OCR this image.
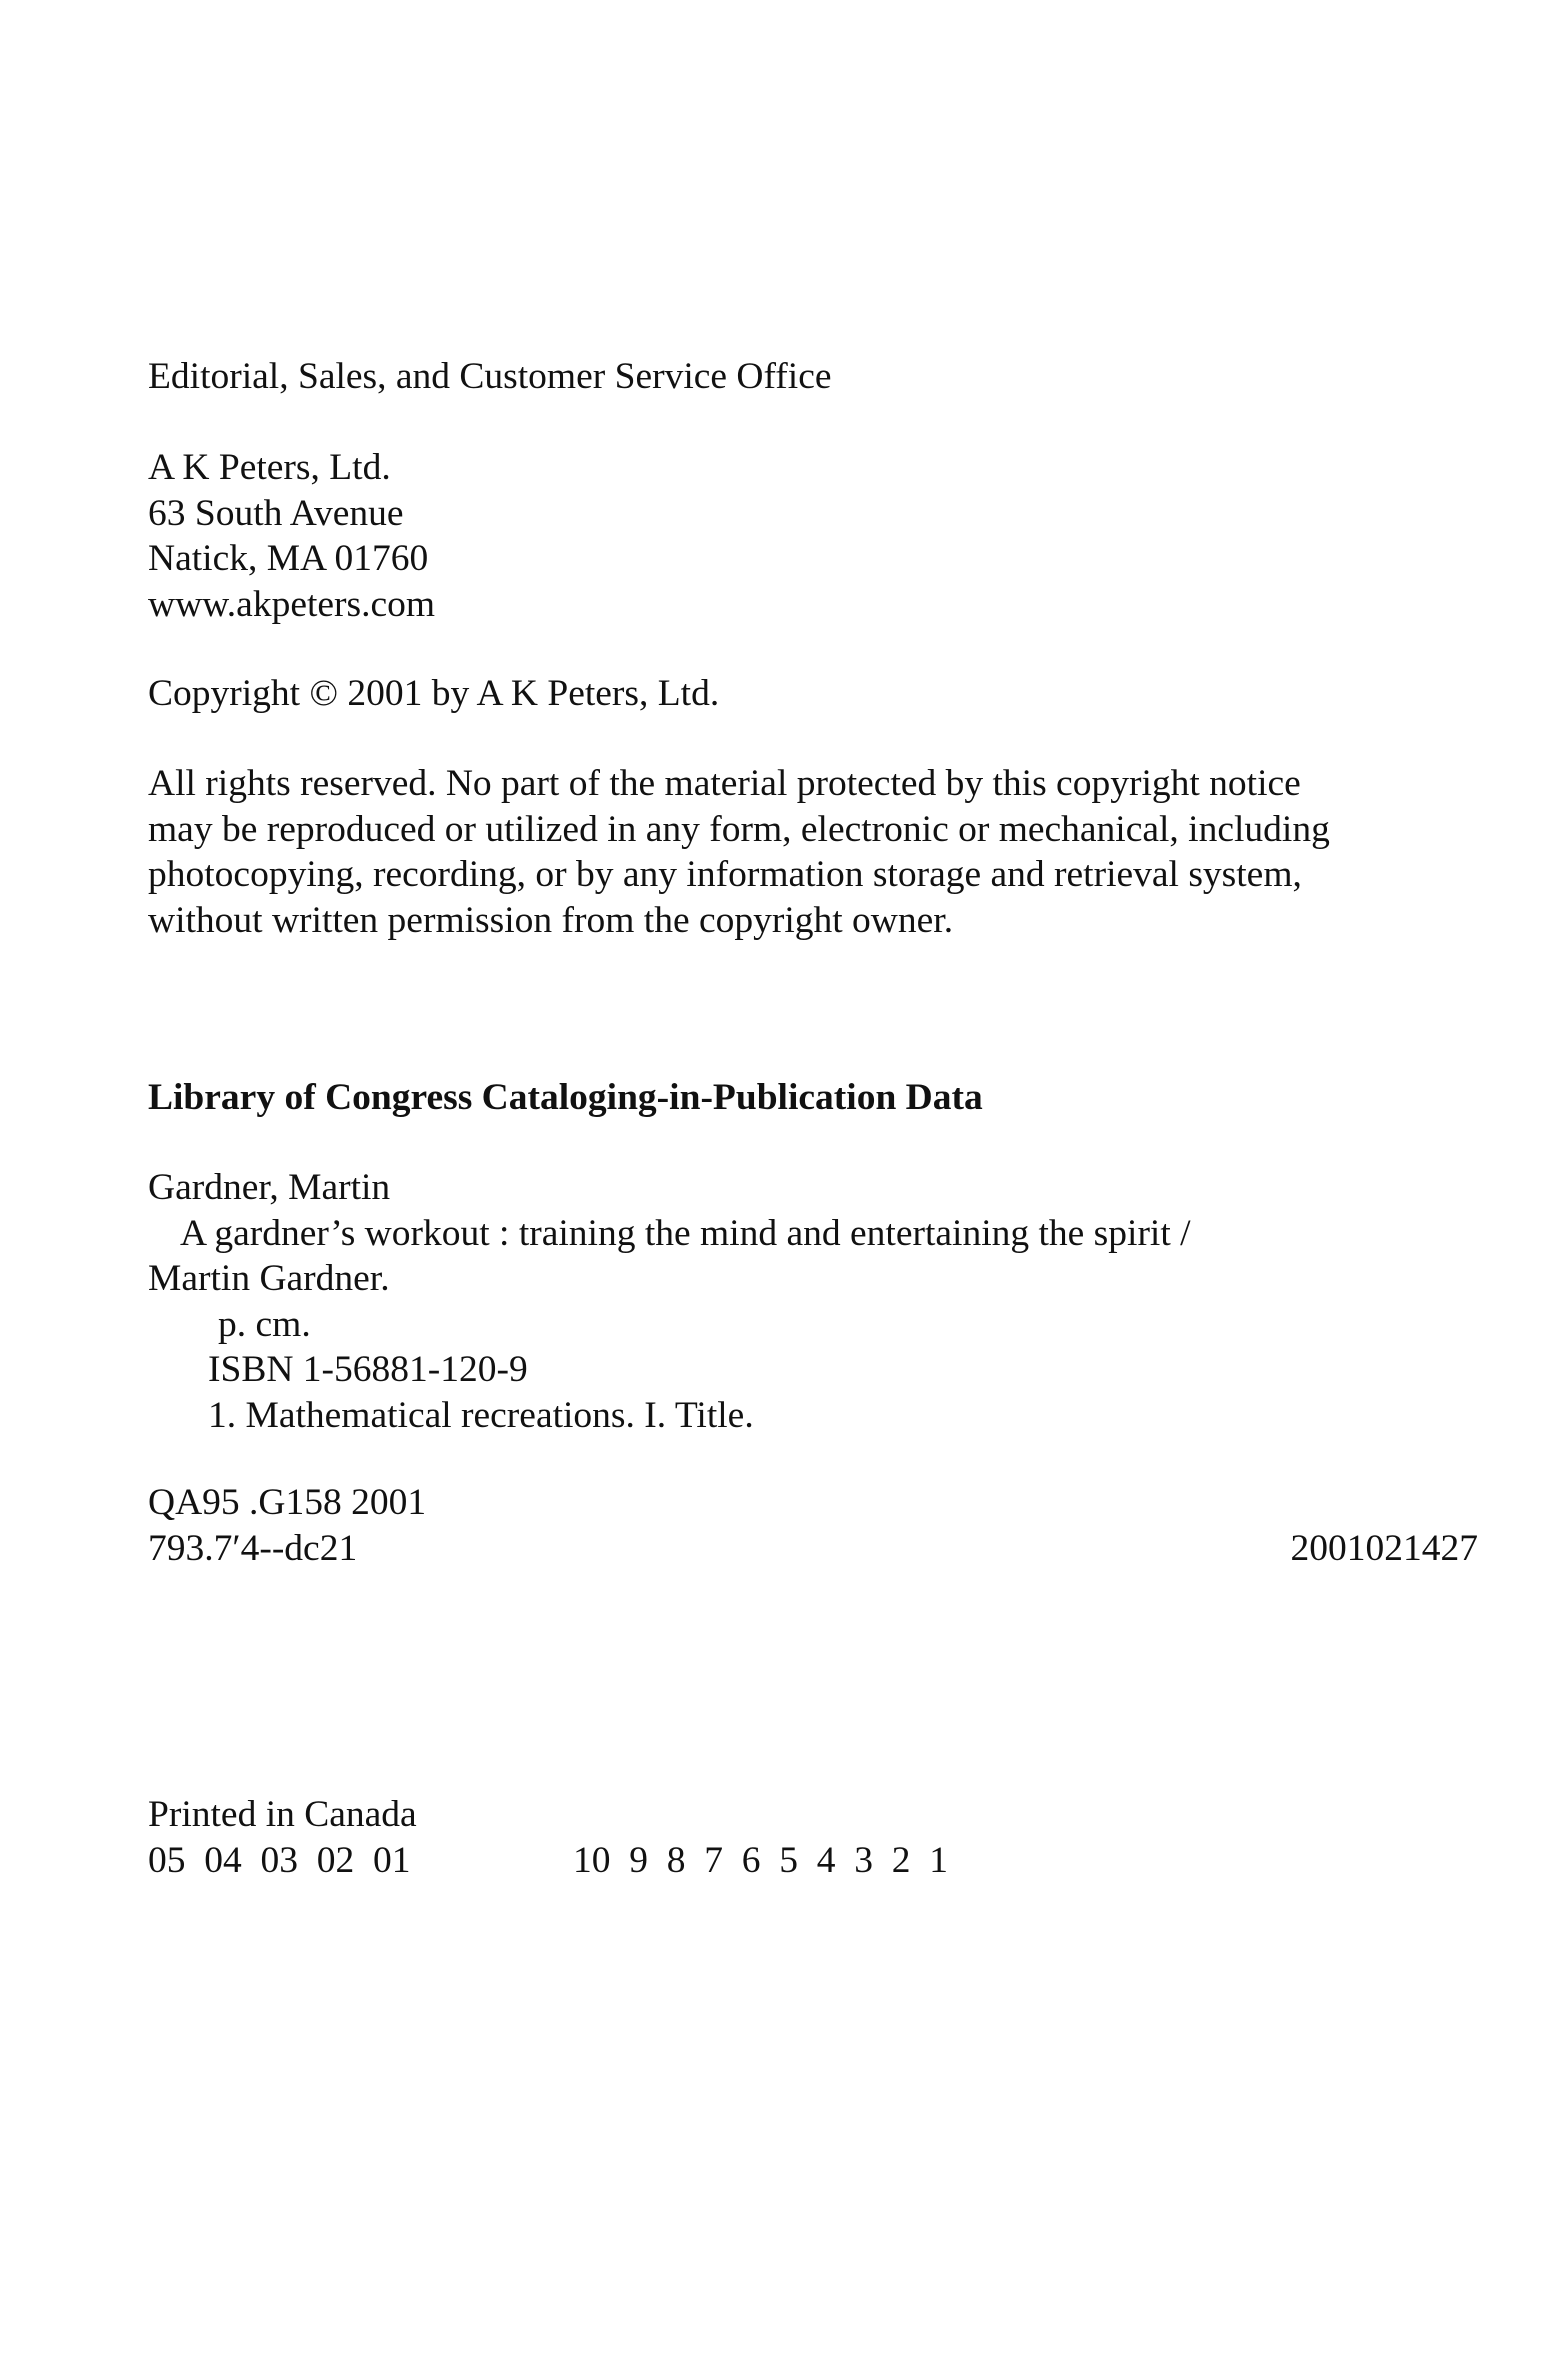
Editorial, Sales, and Customer Service Office
A K Peters, Ltd.
63 South Avenue
Natick, MA 01760
www.akpeters.com
Copyright © 2001 by A K Peters, Ltd.
All rights reserved. No part of the material protected by this copyright notice
may be reproduced or utilized in any form, electronic or mechanical, including
photocopying, recording, or by any information storage and retrieval system,
without written permission from the copyright owner.
Library of Congress Cataloging-in-Publication Data
Gardner, Martin
A gardner’s workout : training the mind and entertaining the spirit /
Martin Gardner.
p. cm.
ISBN 1-56881-120-9
1. Mathematical recreations. I. Title.
QA95 .G158 2001
793.7′4--dc21	2001021427
Printed in Canada
05  04  03  02  01	10  9  8  7  6  5  4  3  2  1
